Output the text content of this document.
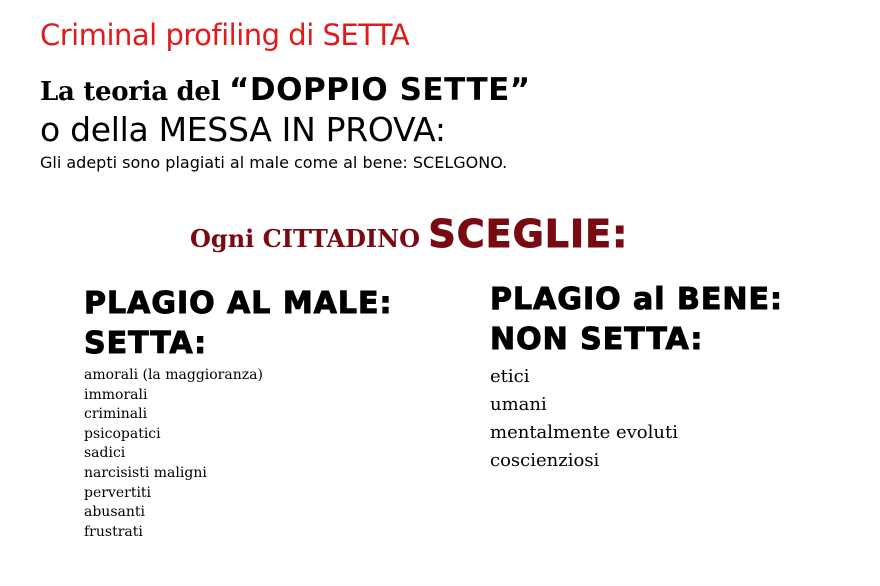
Criminal profiling di SETTA
La teoria del “DOPPIO SETTE”
o della MESSA IN PROVA:
Gli adepti sono plagiati al male come al bene: SCELGONO.
Ogni CITTADINO SCEGLIE:
PLAGIO AL MALE:
SETTA:
amorali (la maggioranza)
immorali
criminali
psicopatici
sadici
narcisisti maligni
pervertiti
abusanti
frustrati
PLAGIO al BENE:
NON SETTA:
etici
umani
mentalmente evoluti
coscienziosi
